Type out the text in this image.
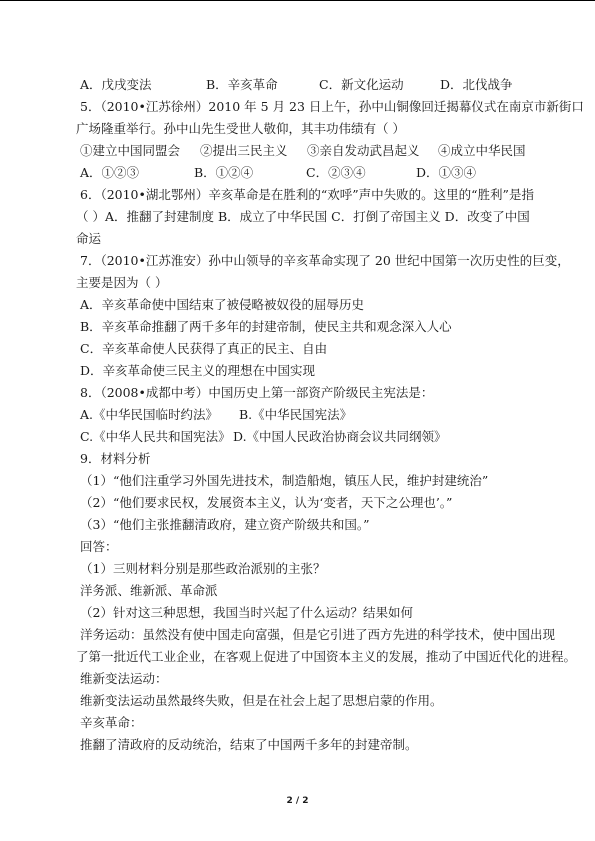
A．戊戌变法	B．辛亥革命	C．新文化运动	D．北伐战争
5．（2010•江苏徐州）2010 年 5 月 23 日上午，孙中山铜像回迁揭幕仪式在南京市新街口
广场隆重举行。孙中山先生受世人敬仰，其丰功伟绩有（ ）
①建立中国同盟会 ②提出三民主义 ③亲自发动武昌起义 ④成立中华民国
A．①②③	B．①②④	C．②③④	D．①③④
6．（2010•湖北鄂州）辛亥革命是在胜利的“欢呼”声中失败的。这里的“胜利”是指
（ ）A．推翻了封建制度 B．成立了中华民国 C．打倒了帝国主义 D．改变了中国
命运
7．（2010•江苏淮安）孙中山领导的辛亥革命实现了 20 世纪中国第一次历史性的巨变，
主要是因为（ ）
A．辛亥革命使中国结束了被侵略被奴役的屈辱历史
B．辛亥革命推翻了两千多年的封建帝制，使民主共和观念深入人心
C．辛亥革命使人民获得了真正的民主、自由
D．辛亥革命使三民主义的理想在中国实现
8．（2008•成都中考）中国历史上第一部资产阶级民主宪法是：
A.《中华民国临时约法》 B.《中华民国宪法》
C.《中华人民共和国宪法》 D.《中国人民政治协商会议共同纲领》
9．材料分析
（1）“他们注重学习外国先进技术，制造船炮，镇压人民，维护封建统治”
（2）“他们要求民权，发展资本主义，认为‘变者，天下之公理也’。”
（3）“他们主张推翻清政府，建立资产阶级共和国。”
回答：
（1）三则材料分别是那些政治派别的主张？
洋务派、维新派、革命派
（2）针对这三种思想，我国当时兴起了什么运动？结果如何
洋务运动：虽然没有使中国走向富强，但是它引进了西方先进的科学技术，使中国出现
了第一批近代工业企业，在客观上促进了中国资本主义的发展，推动了中国近代化的进程。
维新变法运动：
维新变法运动虽然最终失败，但是在社会上起了思想启蒙的作用。
辛亥革命：
推翻了清政府的反动统治，结束了中国两千多年的封建帝制。
2 / 2
